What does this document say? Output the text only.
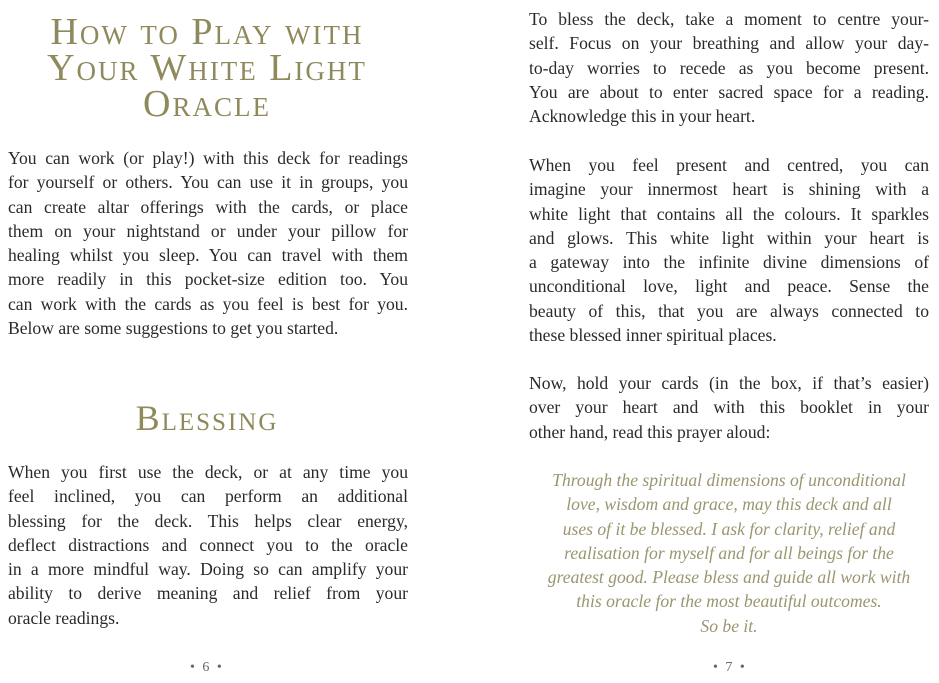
How to Play with
Your White Light
Oracle

You can work (or play!) with this deck for readings
for yourself or others. You can use it in groups, you
can create altar offerings with the cards, or place
them on your nightstand or under your pillow for
healing whilst you sleep. You can travel with them
more readily in this pocket-size edition too. You
can work with the cards as you feel is best for you.
Below are some suggestions to get you started.

Blessing

When you first use the deck, or at any time you
feel inclined, you can perform an additional
blessing for the deck. This helps clear energy,
deflect distractions and connect you to the oracle
in a more mindful way. Doing so can amplify your
ability to derive meaning and relief from your
oracle readings.

• 6 •

To bless the deck, take a moment to centre your-
self. Focus on your breathing and allow your day-
to-day worries to recede as you become present.
You are about to enter sacred space for a reading.
Acknowledge this in your heart.

When you feel present and centred, you can
imagine your innermost heart is shining with a
white light that contains all the colours. It sparkles
and glows. This white light within your heart is
a gateway into the infinite divine dimensions of
unconditional love, light and peace. Sense the
beauty of this, that you are always connected to
these blessed inner spiritual places.

Now, hold your cards (in the box, if that’s easier)
over your heart and with this booklet in your
other hand, read this prayer aloud:

Through the spiritual dimensions of unconditional
love, wisdom and grace, may this deck and all
uses of it be blessed. I ask for clarity, relief and
realisation for myself and for all beings for the
greatest good. Please bless and guide all work with
this oracle for the most beautiful outcomes.
So be it.

• 7 •
